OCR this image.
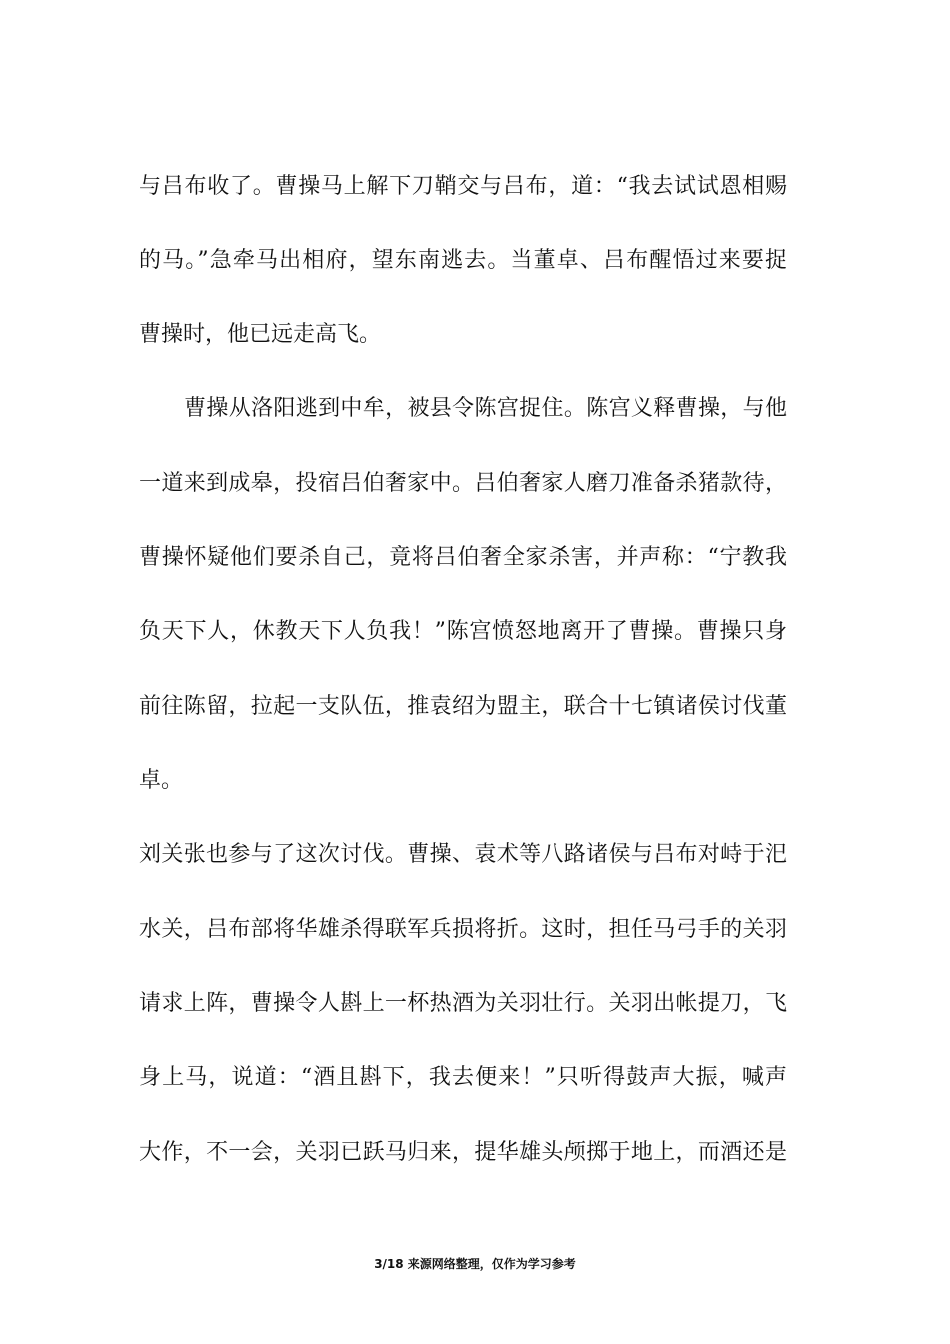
与吕布收了。曹操马上解下刀鞘交与吕布，道：“我去试试恩相赐
的马。”急牵马出相府，望东南逃去。当董卓、吕布醒悟过来要捉
曹操时，他已远走高飞。
曹操从洛阳逃到中牟，被县令陈宫捉住。陈宫义释曹操，与他
一道来到成皋，投宿吕伯奢家中。吕伯奢家人磨刀准备杀猪款待，
曹操怀疑他们要杀自己，竟将吕伯奢全家杀害，并声称：“宁教我
负天下人，休教天下人负我！”陈宫愤怒地离开了曹操。曹操只身
前往陈留，拉起一支队伍，推袁绍为盟主，联合十七镇诸侯讨伐董
卓。
刘关张也参与了这次讨伐。曹操、袁术等八路诸侯与吕布对峙于汜
水关，吕布部将华雄杀得联军兵损将折。这时，担任马弓手的关羽
请求上阵，曹操令人斟上一杯热酒为关羽壮行。关羽出帐提刀，飞
身上马，说道：“酒且斟下，我去便来！”只听得鼓声大振，喊声
大作，不一会，关羽已跃马归来，提华雄头颅掷于地上，而酒还是
3/18 来源网络整理，仅作为学习参考
